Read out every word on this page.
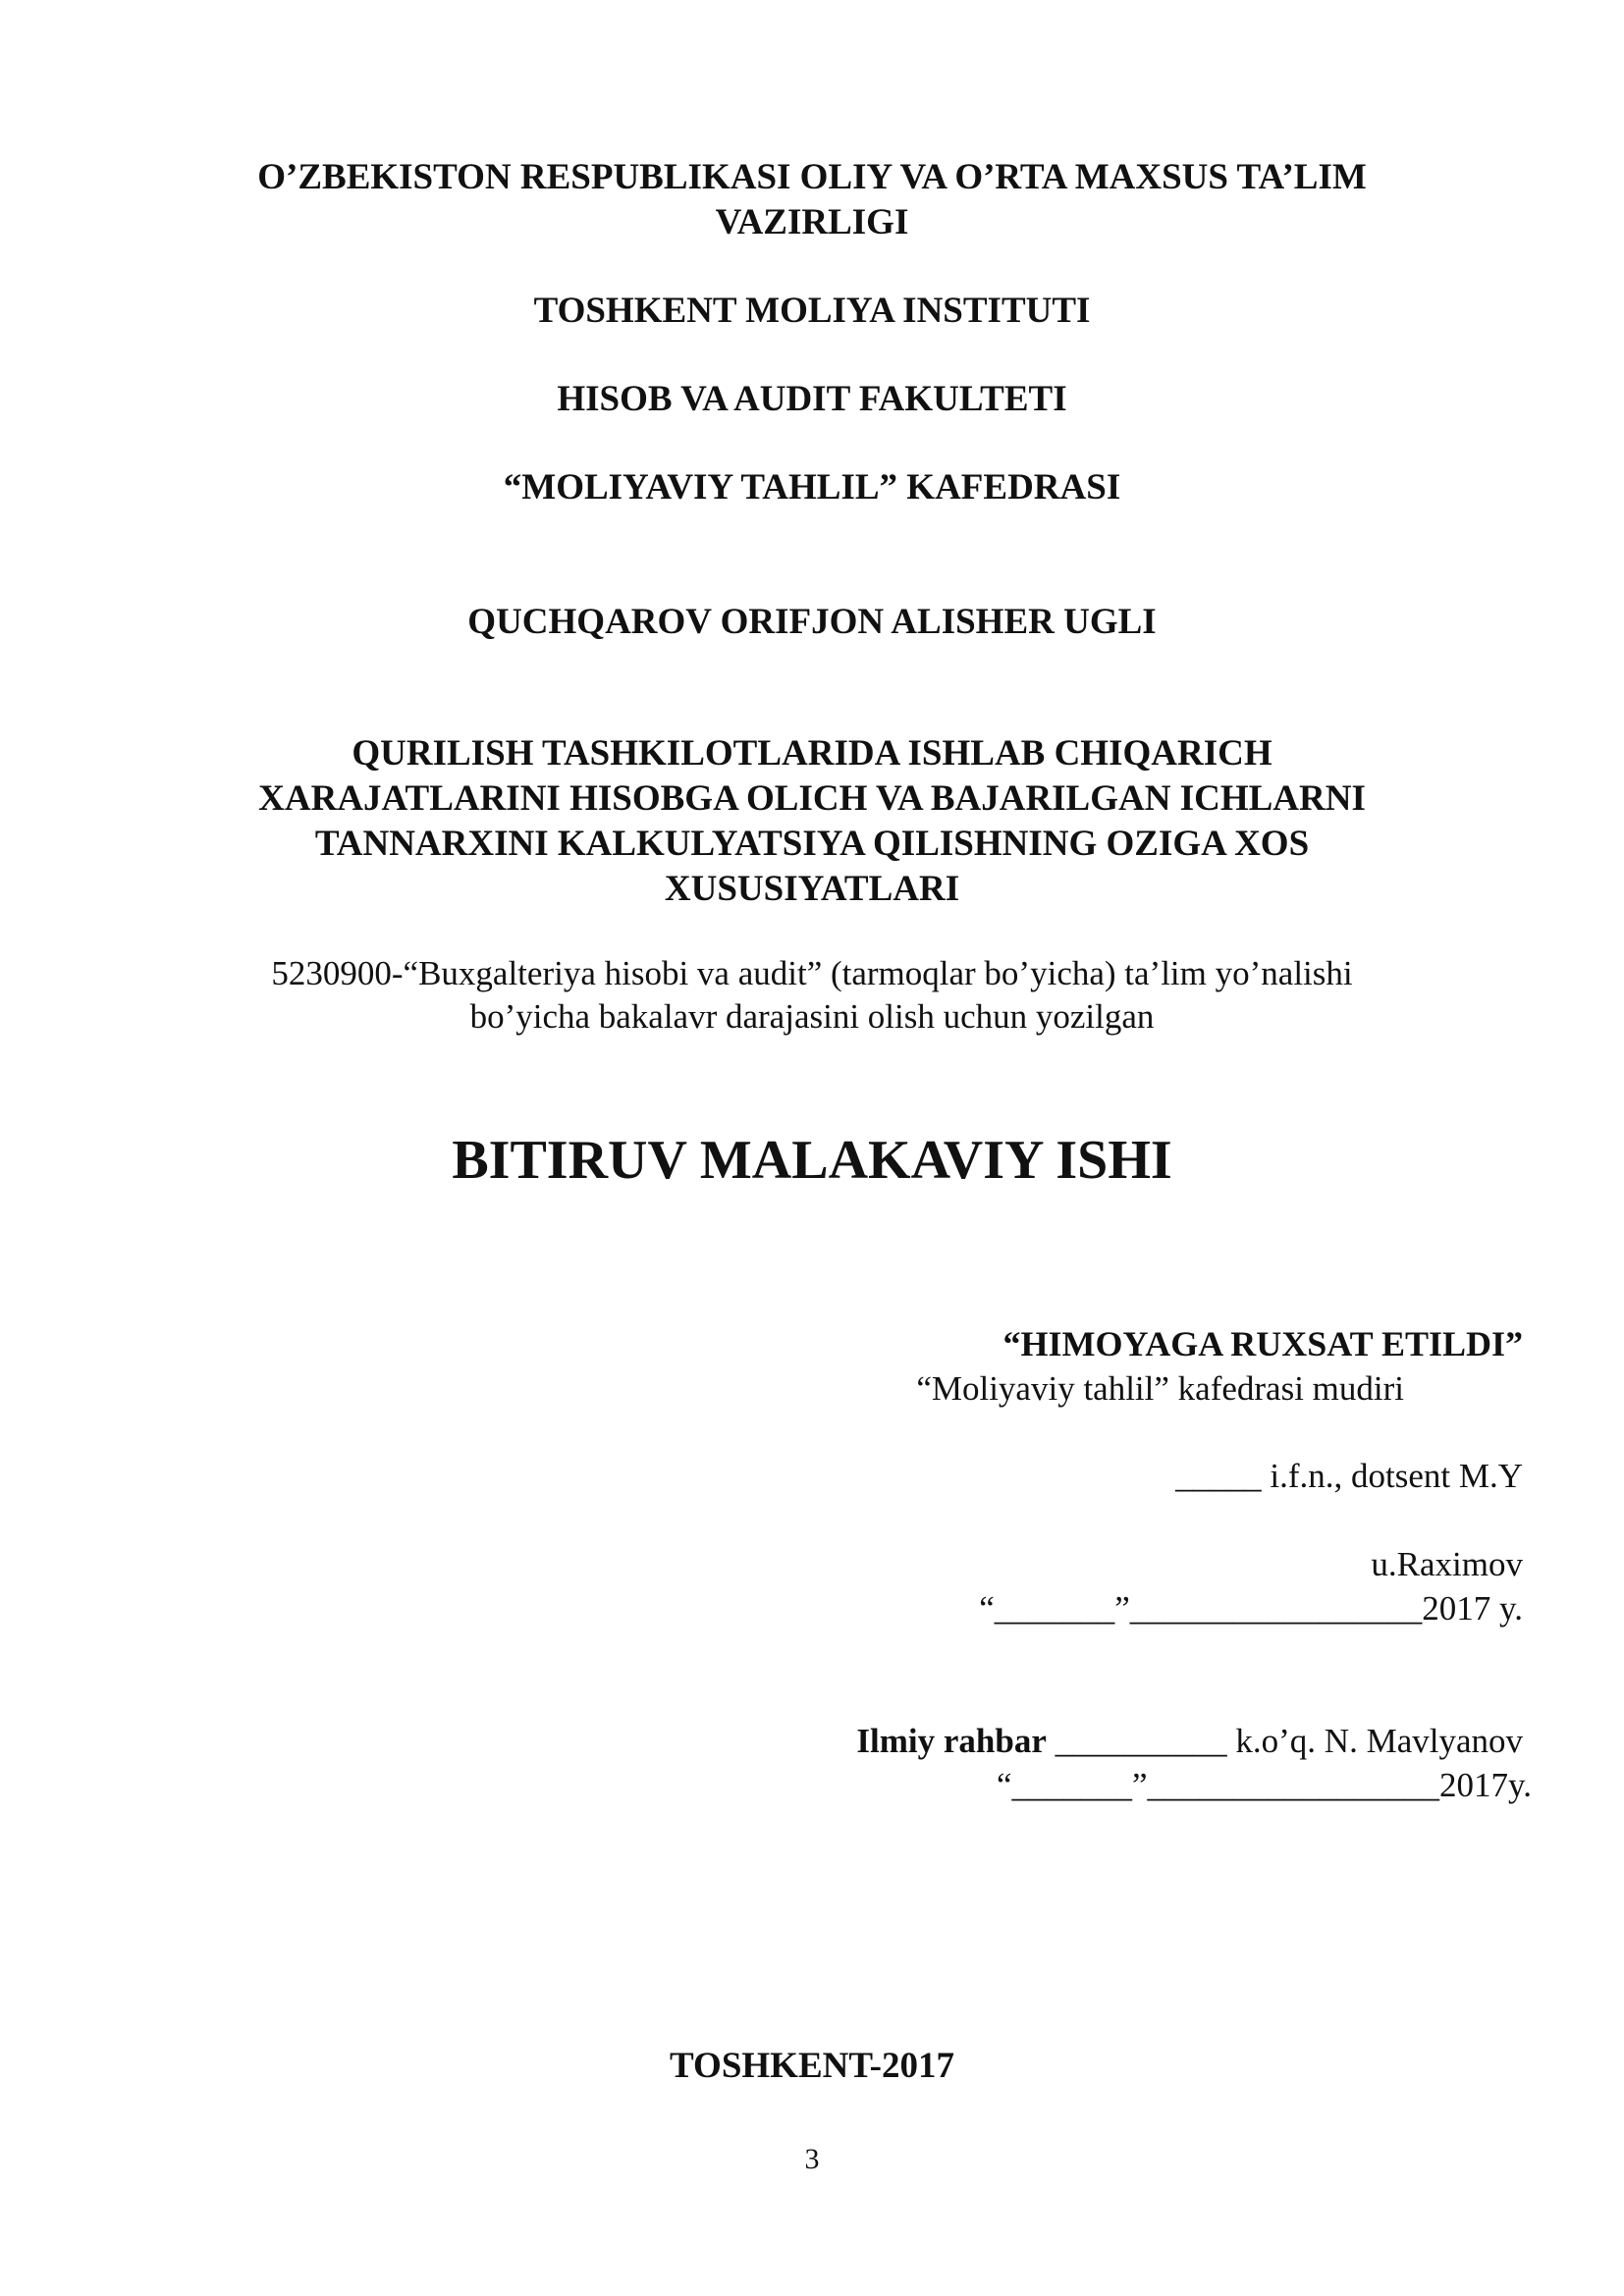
O’ZBEKISTON RESPUBLIKASI OLIY VA O’RTA MAXSUS TA’LIM
VAZIRLIGI
TOSHKENT MOLIYA INSTITUTI
HISOB VA AUDIT FAKULTETI
“MOLIYAVIY TAHLIL” KAFEDRASI
QUCHQAROV ORIFJON ALISHER UGLI
QURILISH TASHKILOTLARIDA ISHLAB CHIQARICH
XARAJATLARINI HISOBGA OLICH VA BAJARILGAN ICHLARNI
TANNARXINI KALKULYATSIYA QILISHNING OZIGA XOS
XUSUSIYATLARI
5230900-“Buxgalteriya hisobi va audit” (tarmoqlar bo’yicha) ta’lim yo’nalishi
bo’yicha bakalavr darajasini olish uchun yozilgan
BITIRUV MALAKAVIY ISHI
“HIMOYAGA RUXSAT ETILDI”
“Moliyaviy tahlil” kafedrasi mudiri
_____ i.f.n., dotsent M.Y
u.Raximov
“_______”_________________2017 y.
Ilmiy rahbar __________ k.o’q. N. Mavlyanov
“_______”_________________2017y.
TOSHKENT-2017
3
